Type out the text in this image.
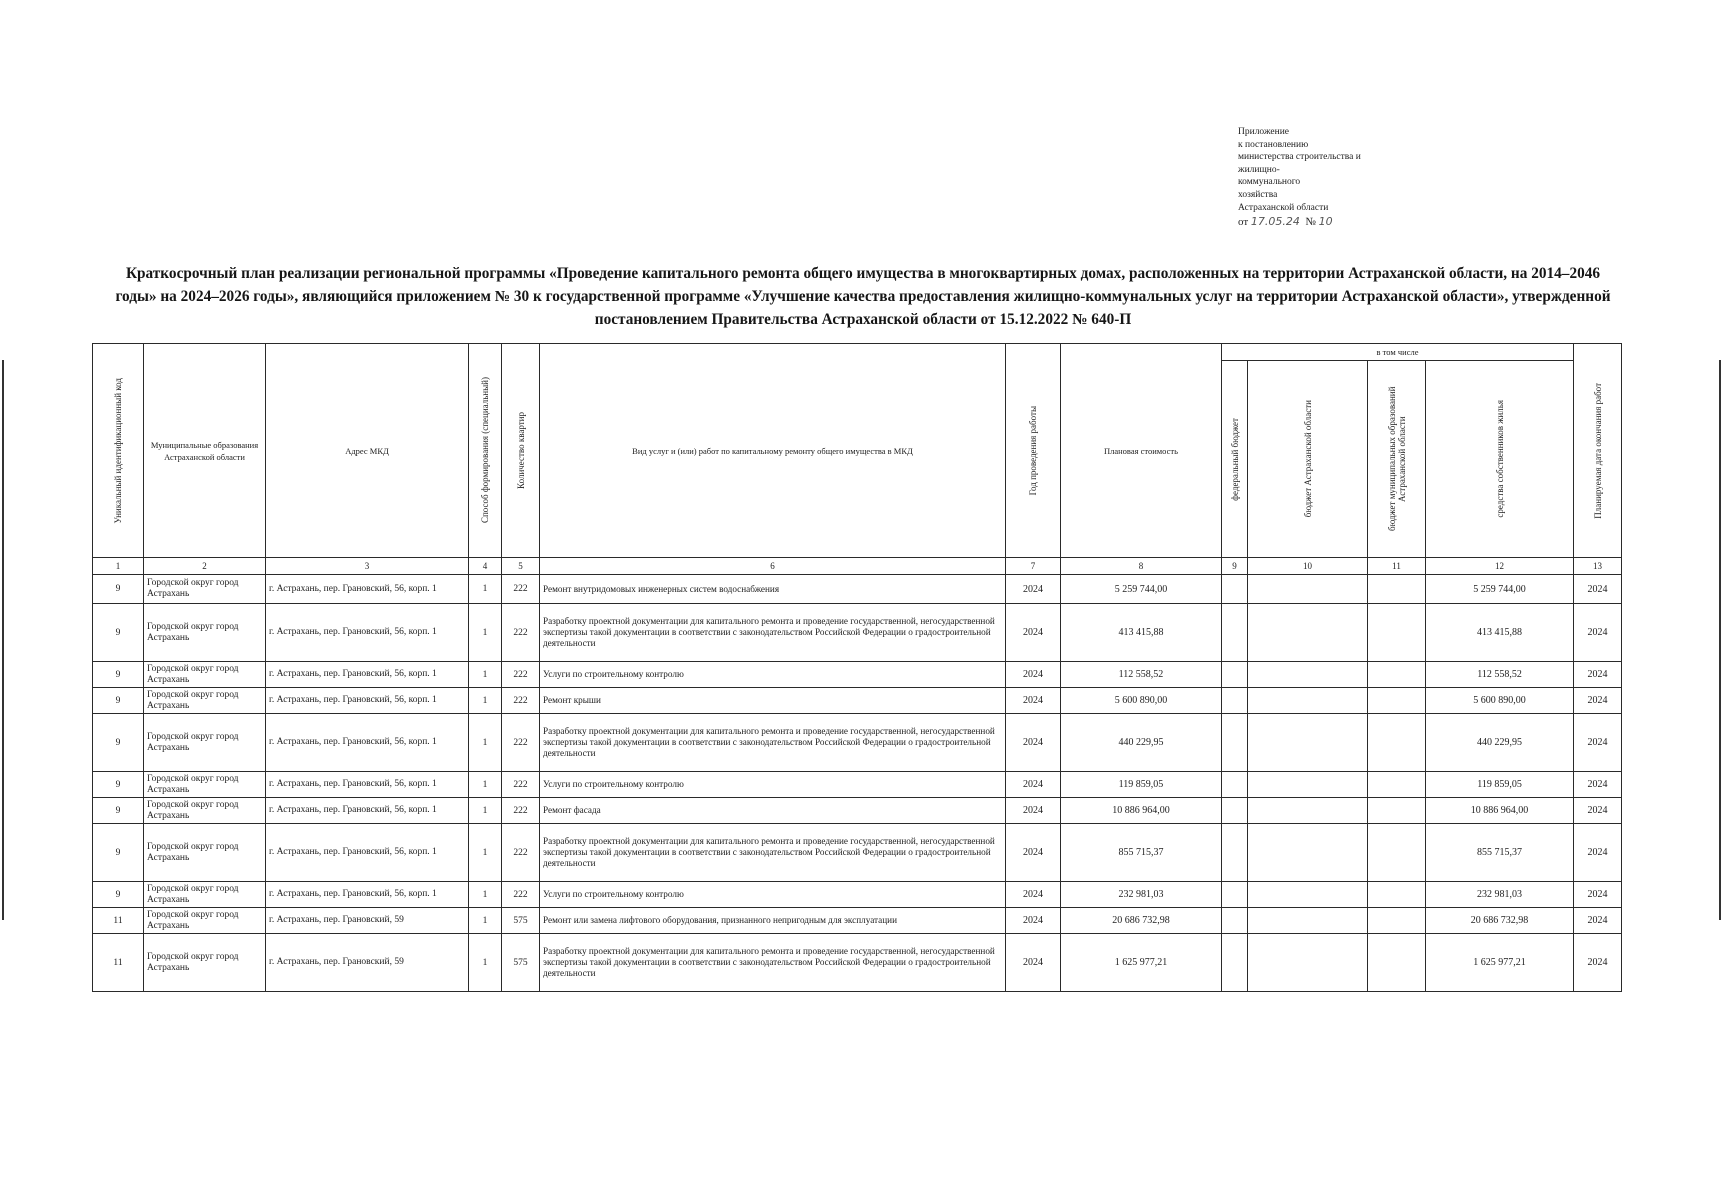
Приложение
к постановлению
министерства строительства и
жилищно-
коммунального
хозяйства
Астраханской области
от 17.05.24 № 10
Краткосрочный план реализации региональной программы «Проведение капитального ремонта общего имущества в многоквартирных домах, расположенных на территории Астраханской области, на 2014–2046 годы» на 2024–2026 годы», являющийся приложением № 30 к государственной программе «Улучшение качества предоставления жилищно-коммунальных услуг на территории Астраханской области», утвержденной постановлением Правительства Астраханской области от 15.12.2022 № 640-П
Уникальный идентификационный код	Муниципальные образования Астраханской области	Адрес МКД	Способ формирования (специальный)	Количество квартир	Вид услуг и (или) работ по капитальному ремонту общего имущества в МКД	Год проведения работы	Плановая стоимость	в том числе				Планируемая дата окончания работ

								федеральный бюджет	бюджет Астраханской области	бюджет муниципальных образований Астраханской области	средства собственников жилья	

1	2	3	4	5	6	7	8	9	10	11	12	13
9	Городской округ город Астрахань	г. Астрахань, пер. Грановский, 56, корп. 1	1	222	Ремонт внутридомовых инженерных систем водоснабжения	2024	5 259 744,00				5 259 744,00	2024
9	Городской округ город Астрахань	г. Астрахань, пер. Грановский, 56, корп. 1	1	222	Разработку проектной документации для капитального ремонта и проведение государственной, негосударственной экспертизы такой документации в соответствии с законодательством Российской Федерации о градостроительной деятельности	2024	413 415,88				413 415,88	2024
9	Городской округ город Астрахань	г. Астрахань, пер. Грановский, 56, корп. 1	1	222	Услуги по строительному контролю	2024	112 558,52				112 558,52	2024
9	Городской округ город Астрахань	г. Астрахань, пер. Грановский, 56, корп. 1	1	222	Ремонт крыши	2024	5 600 890,00				5 600 890,00	2024
9	Городской округ город Астрахань	г. Астрахань, пер. Грановский, 56, корп. 1	1	222	Разработку проектной документации для капитального ремонта и проведение государственной, негосударственной экспертизы такой документации в соответствии с законодательством Российской Федерации о градостроительной деятельности	2024	440 229,95				440 229,95	2024
9	Городской округ город Астрахань	г. Астрахань, пер. Грановский, 56, корп. 1	1	222	Услуги по строительному контролю	2024	119 859,05				119 859,05	2024
9	Городской округ город Астрахань	г. Астрахань, пер. Грановский, 56, корп. 1	1	222	Ремонт фасада	2024	10 886 964,00				10 886 964,00	2024
9	Городской округ город Астрахань	г. Астрахань, пер. Грановский, 56, корп. 1	1	222	Разработку проектной документации для капитального ремонта и проведение государственной, негосударственной экспертизы такой документации в соответствии с законодательством Российской Федерации о градостроительной деятельности	2024	855 715,37				855 715,37	2024
9	Городской округ город Астрахань	г. Астрахань, пер. Грановский, 56, корп. 1	1	222	Услуги по строительному контролю	2024	232 981,03				232 981,03	2024
11	Городской округ город Астрахань	г. Астрахань, пер. Грановский, 59	1	575	Ремонт или замена лифтового оборудования, признанного непригодным для эксплуатации	2024	20 686 732,98				20 686 732,98	2024
11	Городской округ город Астрахань	г. Астрахань, пер. Грановский, 59	1	575	Разработку проектной документации для капитального ремонта и проведение государственной, негосударственной экспертизы такой документации в соответствии с законодательством Российской Федерации о градостроительной деятельности	2024	1 625 977,21				1 625 977,21	2024
